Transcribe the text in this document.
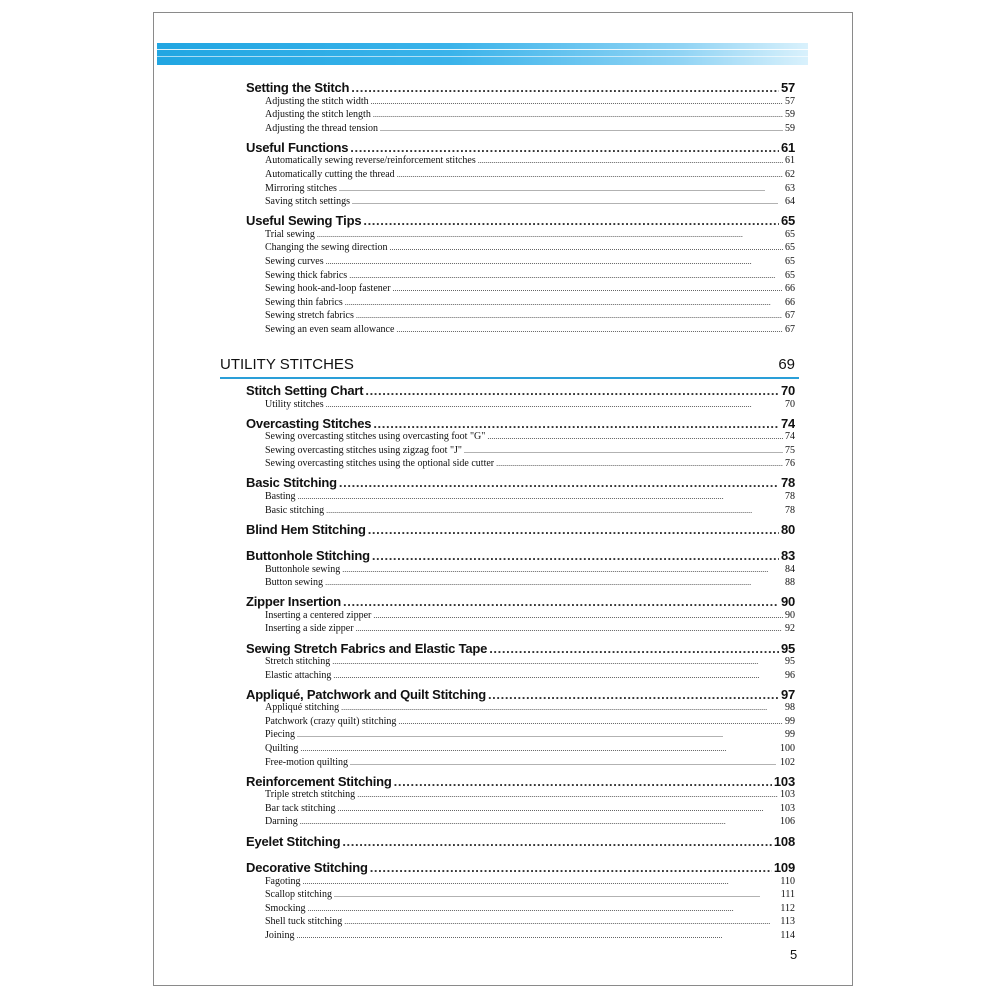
Setting the Stitch . . .	57
Adjusting the stitch width . . .	57
Adjusting the stitch length . . .	59
Adjusting the thread tension . . .	59
Useful Functions . . .	61
Automatically sewing reverse/reinforcement stitches . . .	61
Automatically cutting the thread . . .	62
Mirroring stitches . . .	63
Saving stitch settings . . .	64
Useful Sewing Tips . . .	65
Trial sewing . . .	65
Changing the sewing direction . . .	65
Sewing curves . . .	65
Sewing thick fabrics . . .	65
Sewing hook-and-loop fastener . . .	66
Sewing thin fabrics . . .	66
Sewing stretch fabrics . . .	67
Sewing an even seam allowance . . .	67
UTILITY STITCHES	69
Stitch Setting Chart . . .	70
Utility stitches . . .	70
Overcasting Stitches . . .	74
Sewing overcasting stitches using overcasting foot "G" . . .	74
Sewing overcasting stitches using zigzag foot "J" . . .	75
Sewing overcasting stitches using the optional side cutter . . .	76
Basic Stitching . . .	78
Basting . . .	78
Basic stitching . . .	78
Blind Hem Stitching . . .	80
Buttonhole Stitching . . .	83
Buttonhole sewing . . .	84
Button sewing . . .	88
Zipper Insertion . . .	90
Inserting a centered zipper . . .	90
Inserting a side zipper . . .	92
Sewing Stretch Fabrics and Elastic Tape . . .	95
Stretch stitching . . .	95
Elastic attaching . . .	96
Appliqué, Patchwork and Quilt Stitching . . .	97
Appliqué stitching . . .	98
Patchwork (crazy quilt) stitching . . .	99
Piecing . . .	99
Quilting . . .	100
Free-motion quilting . . .	102
Reinforcement Stitching . . .	103
Triple stretch stitching . . .	103
Bar tack stitching . . .	103
Darning . . .	106
Eyelet Stitching . . .	108
Decorative Stitching . . .	109
Fagoting . . .	110
Scallop stitching . . .	111
Smocking . . .	112
Shell tuck stitching . . .	113
Joining . . .	114
5
